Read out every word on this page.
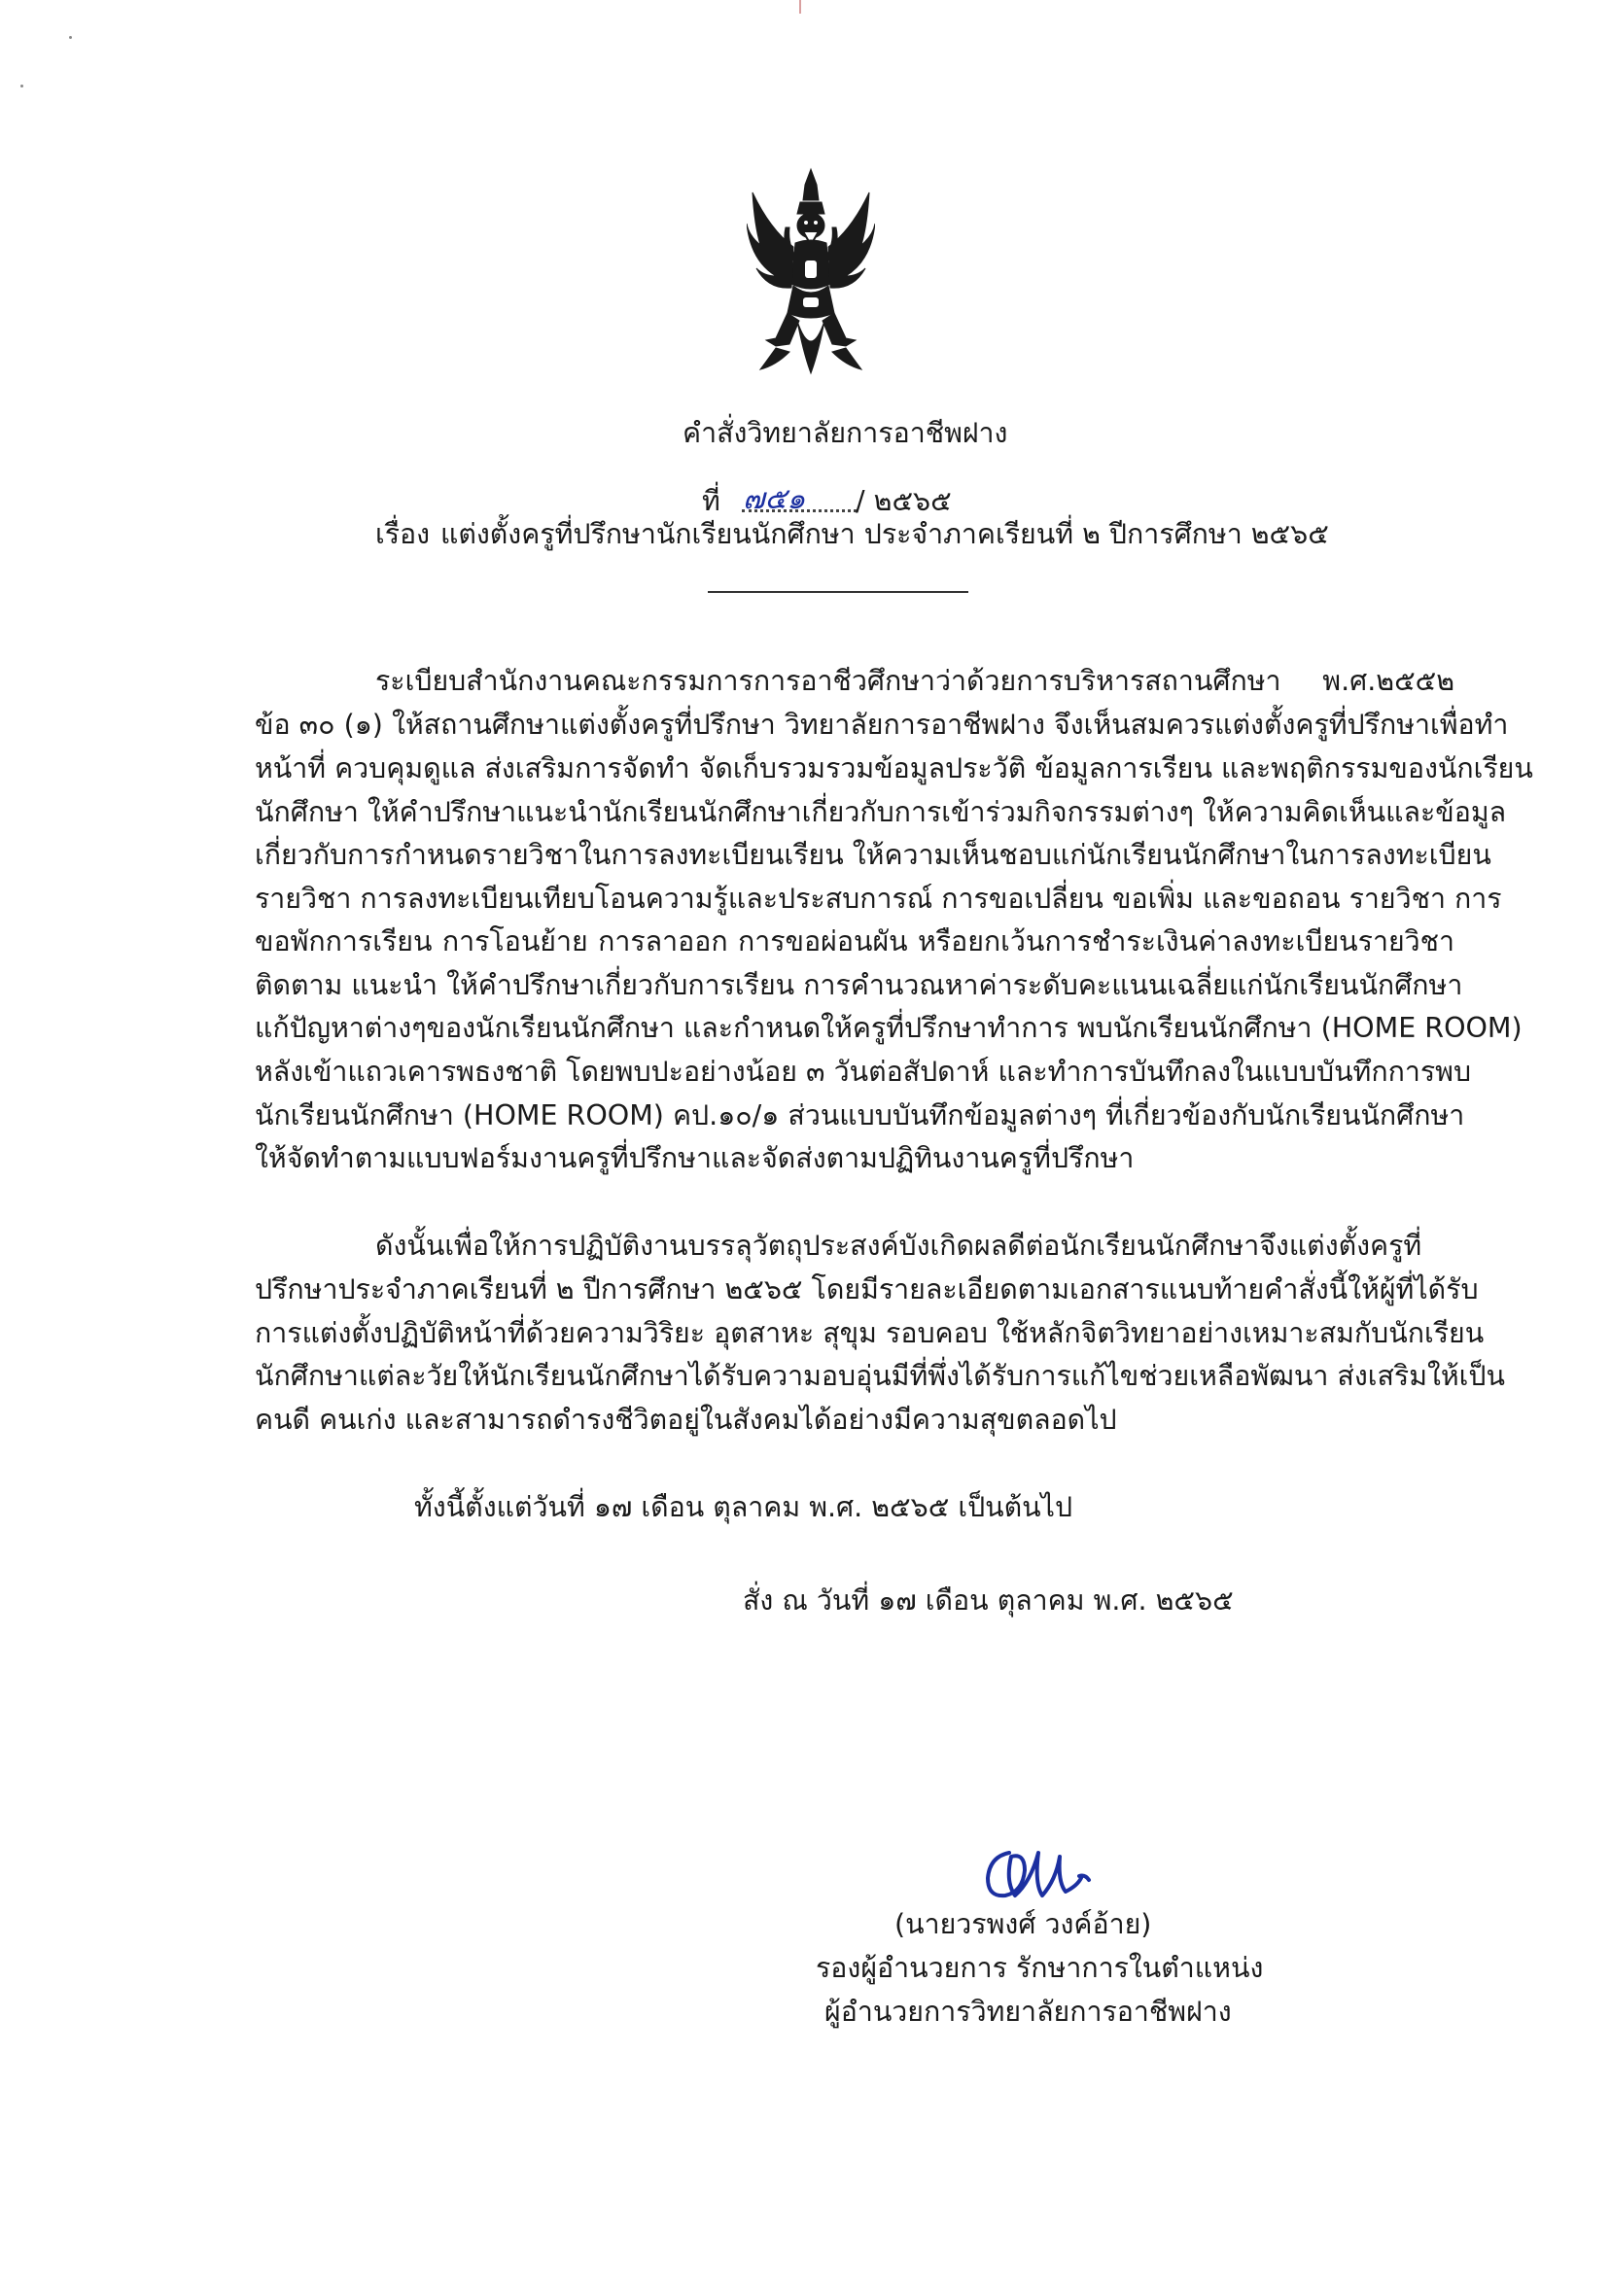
คำสั่งวิทยาลัยการอาชีพฝาง
ที่ ๗๕๑ / ๒๕๖๕
เรื่อง แต่งตั้งครูที่ปรึกษานักเรียนนักศึกษา ประจำภาคเรียนที่ ๒ ปีการศึกษา ๒๕๖๕
ระเบียบสำนักงานคณะกรรมการการอาชีวศึกษาว่าด้วยการบริหารสถานศึกษา พ.ศ.๒๕๕๒
ข้อ ๓๐ (๑) ให้สถานศึกษาแต่งตั้งครูที่ปรึกษา วิทยาลัยการอาชีพฝาง จึงเห็นสมควรแต่งตั้งครูที่ปรึกษาเพื่อทำ
หน้าที่ ควบคุมดูแล ส่งเสริมการจัดทำ จัดเก็บรวมรวมข้อมูลประวัติ ข้อมูลการเรียน และพฤติกรรมของนักเรียน
นักศึกษา ให้คำปรึกษาแนะนำนักเรียนนักศึกษาเกี่ยวกับการเข้าร่วมกิจกรรมต่างๆ ให้ความคิดเห็นและข้อมูล
เกี่ยวกับการกำหนดรายวิชาในการลงทะเบียนเรียน ให้ความเห็นชอบแก่นักเรียนนักศึกษาในการลงทะเบียน
รายวิชา การลงทะเบียนเทียบโอนความรู้และประสบการณ์ การขอเปลี่ยน ขอเพิ่ม และขอถอน รายวิชา การ
ขอพักการเรียน การโอนย้าย การลาออก การขอผ่อนผัน หรือยกเว้นการชำระเงินค่าลงทะเบียนรายวิชา
ติดตาม แนะนำ ให้คำปรึกษาเกี่ยวกับการเรียน การคำนวณหาค่าระดับคะแนนเฉลี่ยแก่นักเรียนนักศึกษา
แก้ปัญหาต่างๆของนักเรียนนักศึกษา และกำหนดให้ครูที่ปรึกษาทำการ พบนักเรียนนักศึกษา (HOME ROOM)
หลังเข้าแถวเคารพธงชาติ โดยพบปะอย่างน้อย ๓ วันต่อสัปดาห์ และทำการบันทึกลงในแบบบันทึกการพบ
นักเรียนนักศึกษา (HOME ROOM) คป.๑๐/๑ ส่วนแบบบันทึกข้อมูลต่างๆ ที่เกี่ยวข้องกับนักเรียนนักศึกษา
ให้จัดทำตามแบบฟอร์มงานครูที่ปรึกษาและจัดส่งตามปฏิทินงานครูที่ปรึกษา
ดังนั้นเพื่อให้การปฏิบัติงานบรรลุวัตถุประสงค์บังเกิดผลดีต่อนักเรียนนักศึกษาจึงแต่งตั้งครูที่
ปรึกษาประจำภาคเรียนที่ ๒ ปีการศึกษา ๒๕๖๕ โดยมีรายละเอียดตามเอกสารแนบท้ายคำสั่งนี้ให้ผู้ที่ได้รับ
การแต่งตั้งปฏิบัติหน้าที่ด้วยความวิริยะ อุตสาหะ สุขุม รอบคอบ ใช้หลักจิตวิทยาอย่างเหมาะสมกับนักเรียน
นักศึกษาแต่ละวัยให้นักเรียนนักศึกษาได้รับความอบอุ่นมีที่พึ่งได้รับการแก้ไขช่วยเหลือพัฒนา ส่งเสริมให้เป็น
คนดี คนเก่ง และสามารถดำรงชีวิตอยู่ในสังคมได้อย่างมีความสุขตลอดไป
ทั้งนี้ตั้งแต่วันที่ ๑๗ เดือน ตุลาคม พ.ศ. ๒๕๖๕ เป็นต้นไป
สั่ง ณ วันที่ ๑๗ เดือน ตุลาคม พ.ศ. ๒๕๖๕
(นายวรพงศ์ วงค์อ้าย)
รองผู้อำนวยการ รักษาการในตำแหน่ง
ผู้อำนวยการวิทยาลัยการอาชีพฝาง
